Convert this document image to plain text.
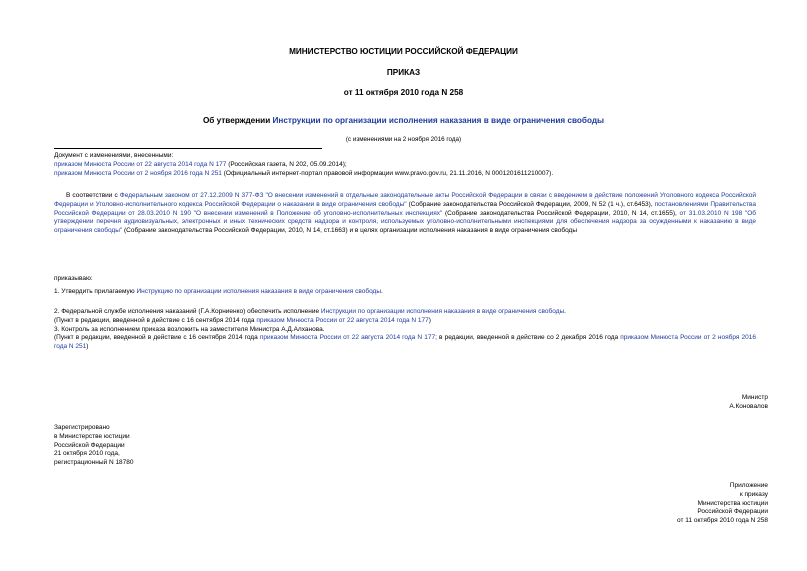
МИНИСТЕРСТВО ЮСТИЦИИ РОССИЙСКОЙ ФЕДЕРАЦИИ
ПРИКАЗ
от 11 октября 2010 года N 258
Об утверждении Инструкции по организации исполнения наказания в виде ограничения свободы
(с изменениями на 2 ноября 2016 года)

Документ с изменениями, внесенными:

приказом Минюста России от 22 августа 2014 года N 177 (Российская газета, N 202, 05.09.2014);

приказом Минюста России от 2 ноября 2016 года N 251 (Официальный интернет-портал правовой информации www.pravo.gov.ru, 21.11.2016, N 0001201611210007).

В соответствии с Федеральным законом от 27.12.2009 N 377-ФЗ "О внесении изменений в отдельные законодательные акты Российской Федерации в связи с введением в действие положений Уголовного кодекса Российской Федерации и Уголовно-исполнительного кодекса Российской Федерации о наказании в виде ограничения свободы" (Собрание законодательства Российской Федерации, 2009, N 52 (1 ч.), ст.6453), постановлениями Правительства Российской Федерации от 28.03.2010 N 190 "О внесении изменений в Положение об уголовно-исполнительных инспекциях" (Собрание законодательства Российской Федерации, 2010, N 14, ст.1655), от 31.03.2010 N 198 "Об утверждении перечня аудиовизуальных, электронных и иных технических средств надзора и контроля, используемых уголовно-исполнительными инспекциями для обеспечения надзора за осужденными к наказанию в виде ограничения свободы" (Собрание законодательства Российской Федерации, 2010, N 14, ст.1663) и в целях организации исполнения наказания в виде ограничения свободы

приказываю:

1. Утвердить прилагаемую Инструкцию по организации исполнения наказания в виде ограничения свободы.

2. Федеральной службе исполнения наказаний (Г.А.Корниенко) обеспечить исполнение Инструкции по организации исполнения наказания в виде ограничения свободы.

(Пункт в редакции, введенной в действие с 16 сентября 2014 года приказом Минюста России от 22 августа 2014 года N 177)

3. Контроль за исполнением приказа возложить на заместителя Министра А.Д.Алханова.

(Пункт в редакции, введенной в действие с 16 сентября 2014 года приказом Минюста России от 22 августа 2014 года N 177; в редакции, введенной в действие со 2 декабря 2016 года приказом Минюста России от 2 ноября 2016 года N 251)

Министр

А.Коновалов

Зарегистрировано

в Министерстве юстиции

Российской Федерации

21 октября 2010 года,

регистрационный N 18780

Приложение

к приказу

Министерства юстиции

Российской Федерации

от 11 октября 2010 года N 258
